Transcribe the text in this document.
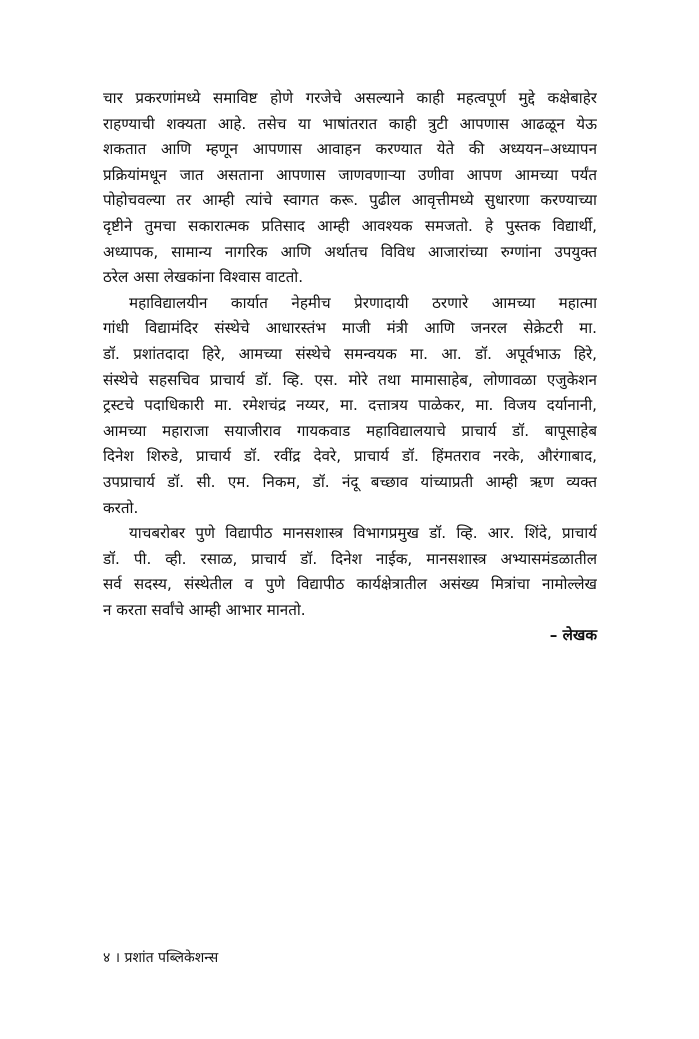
चार प्रकरणांमध्ये समाविष्ट होणे गरजेचे असल्याने काही महत्वपूर्ण मुद्दे कक्षेबाहेर
राहण्याची शक्यता आहे. तसेच या भाषांतरात काही त्रुटी आपणास आढळून येऊ
शकतात आणि म्हणून आपणास आवाहन करण्यात येते की अध्ययन–अध्यापन
प्रक्रियांमधून जात असताना आपणास जाणवणाऱ्या उणीवा आपण आमच्या पर्यंत
पोहोचवल्या तर आम्ही त्यांचे स्वागत करू. पुढील आवृत्तीमध्ये सुधारणा करण्याच्या
दृष्टीने तुमचा सकारात्मक प्रतिसाद आम्ही आवश्यक समजतो. हे पुस्तक विद्यार्थी,
अध्यापक, सामान्य नागरिक आणि अर्थातच विविध आजारांच्या रुग्णांना उपयुक्त
ठरेल असा लेखकांना विश्वास वाटतो.
महाविद्यालयीन कार्यात नेहमीच प्रेरणादायी ठरणारे आमच्या महात्मा
गांधी विद्यामंदिर संस्थेचे आधारस्तंभ माजी मंत्री आणि जनरल सेक्रेटरी मा.
डॉ. प्रशांतदादा हिरे, आमच्या संस्थेचे समन्वयक मा. आ. डॉ. अपूर्वभाऊ हिरे,
संस्थेचे सहसचिव प्राचार्य डॉ. व्हि. एस. मोरे तथा मामासाहेब, लोणावळा एजुकेशन
ट्रस्टचे पदाधिकारी मा. रमेशचंद्र नय्यर, मा. दत्तात्रय पाळेकर, मा. विजय दर्यानानी,
आमच्या महाराजा सयाजीराव गायकवाड महाविद्यालयाचे प्राचार्य डॉ. बापूसाहेब
दिनेश शिरुडे, प्राचार्य डॉ. रवींद्र देवरे, प्राचार्य डॉ. हिंमतराव नरके, औरंगाबाद,
उपप्राचार्य डॉ. सी. एम. निकम, डॉ. नंदू बच्छाव यांच्याप्रती आम्ही ऋण व्यक्त
करतो.
याचबरोबर पुणे विद्यापीठ मानसशास्त्र विभागप्रमुख डॉ. व्हि. आर. शिंदे, प्राचार्य
डॉ. पी. व्ही. रसाळ, प्राचार्य डॉ. दिनेश नाईक, मानसशास्त्र अभ्यासमंडळातील
सर्व सदस्य, संस्थेतील व पुणे विद्यापीठ कार्यक्षेत्रातील असंख्य मित्रांचा नामोल्लेख
न करता सर्वांचे आम्ही आभार मानतो.
– लेखक
४ । प्रशांत पब्लिकेशन्स
